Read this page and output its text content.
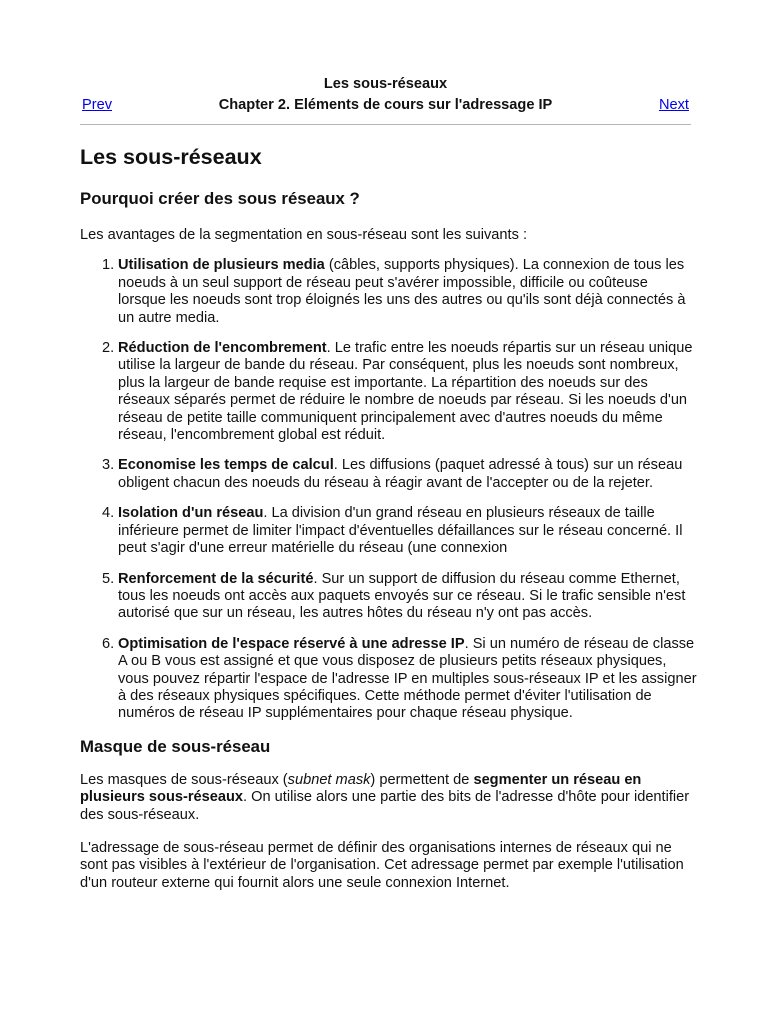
Les sous-réseaux
Prev	Chapter 2. Eléments de cours sur l'adressage IP	Next
Les sous-réseaux
Pourquoi créer des sous réseaux ?

Les avantages de la segmentation en sous-réseau sont les suivants :

1. Utilisation de plusieurs media (câbles, supports physiques). La connexion de tous les noeuds à un seul support de réseau peut s'avérer impossible, difficile ou coûteuse lorsque les noeuds sont trop éloignés les uns des autres ou qu'ils sont déjà connectés à un autre media.
2. Réduction de l'encombrement. Le trafic entre les noeuds répartis sur un réseau unique utilise la largeur de bande du réseau. Par conséquent, plus les noeuds sont nombreux, plus la largeur de bande requise est importante. La répartition des noeuds sur des réseaux séparés permet de réduire le nombre de noeuds par réseau. Si les noeuds d'un réseau de petite taille communiquent principalement avec d'autres noeuds du même réseau, l'encombrement global est réduit.
3. Economise les temps de calcul. Les diffusions (paquet adressé à tous) sur un réseau obligent chacun des noeuds du réseau à réagir avant de l'accepter ou de la rejeter.
4. Isolation d'un réseau. La division d'un grand réseau en plusieurs réseaux de taille inférieure permet de limiter l'impact d'éventuelles défaillances sur le réseau concerné. Il peut s'agir d'une erreur matérielle du réseau (une connexion
5. Renforcement de la sécurité. Sur un support de diffusion du réseau comme Ethernet, tous les noeuds ont accès aux paquets envoyés sur ce réseau. Si le trafic sensible n'est autorisé que sur un réseau, les autres hôtes du réseau n'y ont pas accès.
6. Optimisation de l'espace réservé à une adresse IP. Si un numéro de réseau de classe A ou B vous est assigné et que vous disposez de plusieurs petits réseaux physiques, vous pouvez répartir l'espace de l'adresse IP en multiples sous-réseaux IP et les assigner à des réseaux physiques spécifiques. Cette méthode permet d'éviter l'utilisation de numéros de réseau IP supplémentaires pour chaque réseau physique.
Masque de sous-réseau

Les masques de sous-réseaux (subnet mask) permettent de segmenter un réseau en plusieurs sous-réseaux. On utilise alors une partie des bits de l'adresse d'hôte pour identifier des sous-réseaux.

L'adressage de sous-réseau permet de définir des organisations internes de réseaux qui ne sont pas visibles à l'extérieur de l'organisation. Cet adressage permet par exemple l'utilisation d'un routeur externe qui fournit alors une seule connexion Internet.
